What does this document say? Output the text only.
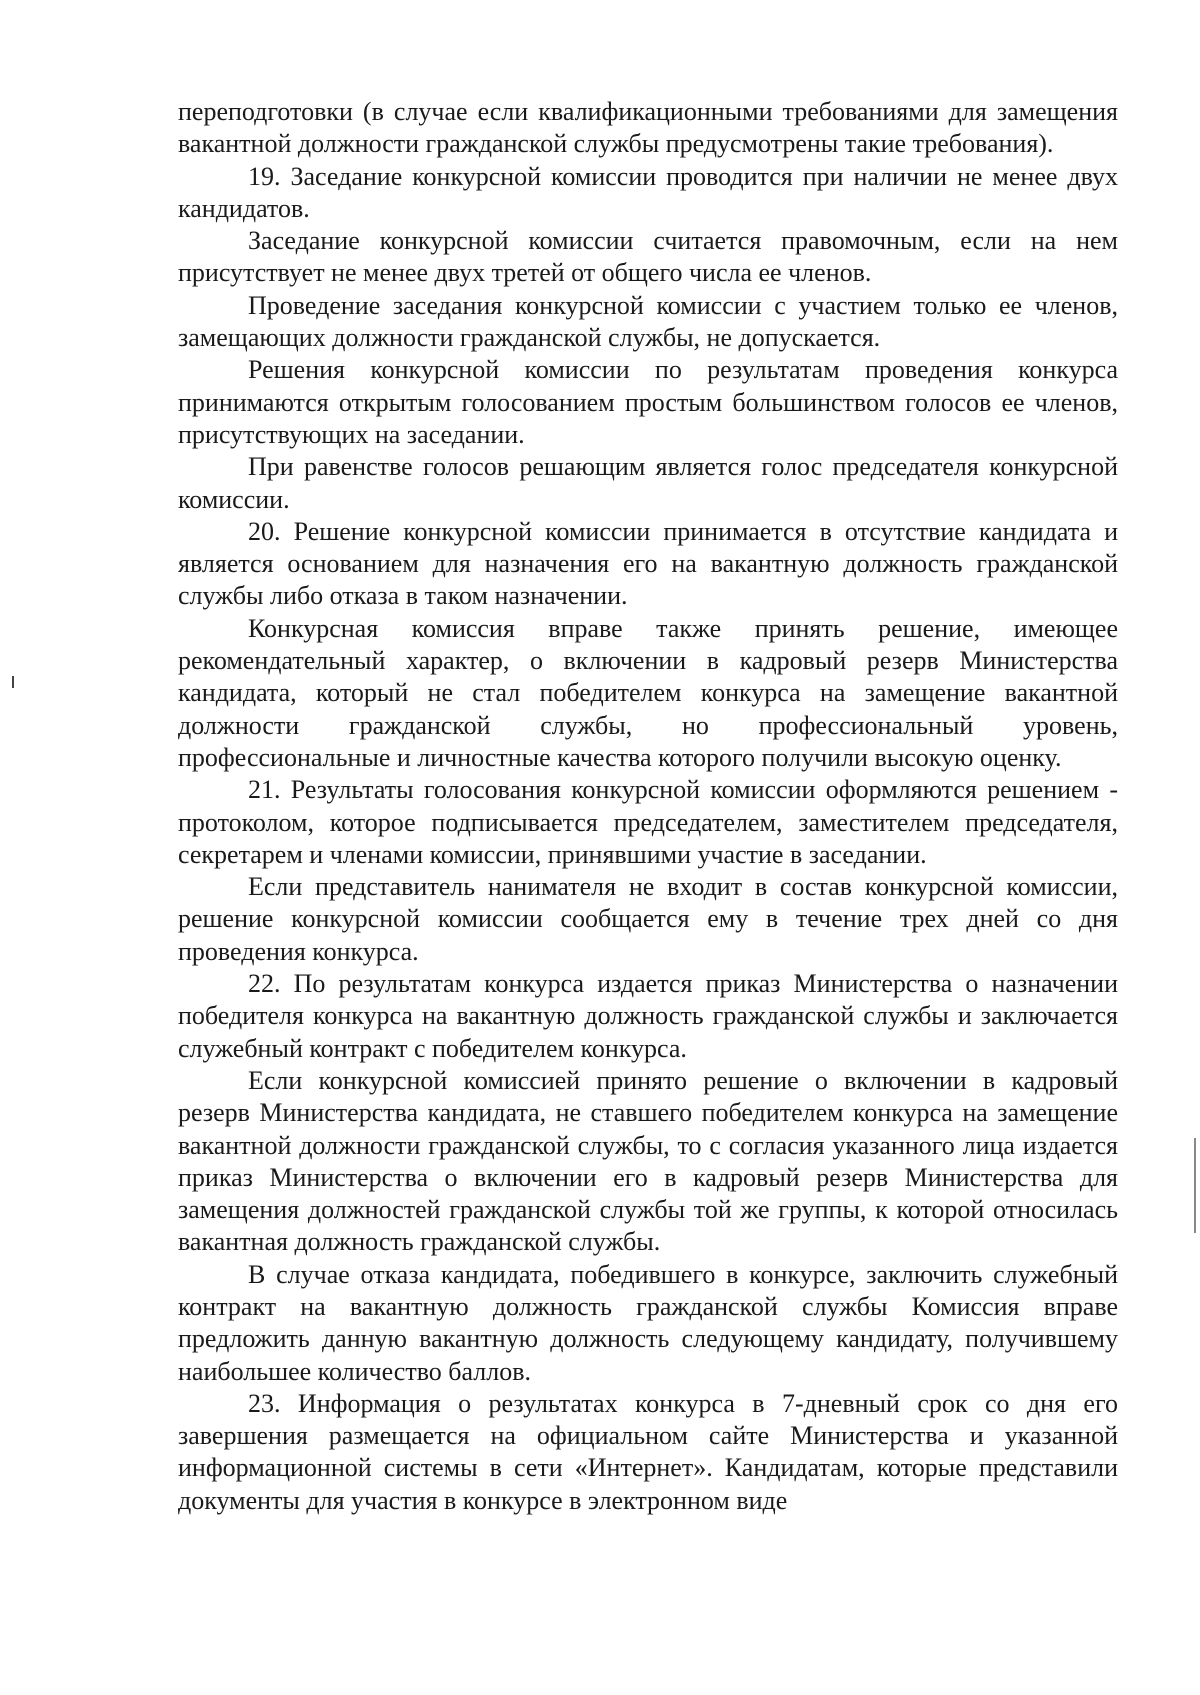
переподготовки (в случае если квалификационными требованиями для замещения вакантной должности гражданской службы предусмотрены такие требования).

19. Заседание конкурсной комиссии проводится при наличии не менее двух кандидатов.

Заседание конкурсной комиссии считается правомочным, если на нем присутствует не менее двух третей от общего числа ее членов.

Проведение заседания конкурсной комиссии с участием только ее членов, замещающих должности гражданской службы, не допускается.

Решения конкурсной комиссии по результатам проведения конкурса принимаются открытым голосованием простым большинством голосов ее членов, присутствующих на заседании.

При равенстве голосов решающим является голос председателя конкурсной комиссии.

20. Решение конкурсной комиссии принимается в отсутствие кандидата и является основанием для назначения его на вакантную должность гражданской службы либо отказа в таком назначении.

Конкурсная комиссия вправе также принять решение, имеющее рекомендательный характер, о включении в кадровый резерв Министерства кандидата, который не стал победителем конкурса на замещение вакантной должности гражданской службы, но профессиональный уровень, профессиональные и личностные качества которого получили высокую оценку.

21. Результаты голосования конкурсной комиссии оформляются решением - протоколом, которое подписывается председателем, заместителем председателя, секретарем и членами комиссии, принявшими участие в заседании.

Если представитель нанимателя не входит в состав конкурсной комиссии, решение конкурсной комиссии сообщается ему в течение трех дней со дня проведения конкурса.

22. По результатам конкурса издается приказ Министерства о назначении победителя конкурса на вакантную должность гражданской службы и заключается служебный контракт с победителем конкурса.

Если конкурсной комиссией принято решение о включении в кадровый резерв Министерства кандидата, не ставшего победителем конкурса на замещение вакантной должности гражданской службы, то с согласия указанного лица издается приказ Министерства о включении его в кадровый резерв Министерства для замещения должностей гражданской службы той же группы, к которой относилась вакантная должность гражданской службы.

В случае отказа кандидата, победившего в конкурсе, заключить служебный контракт на вакантную должность гражданской службы Комиссия вправе предложить данную вакантную должность следующему кандидату, получившему наибольшее количество баллов.

23. Информация о результатах конкурса в 7-дневный срок со дня его завершения размещается на официальном сайте Министерства и указанной информационной системы в сети «Интернет». Кандидатам, которые представили документы для участия в конкурсе в электронном виде
